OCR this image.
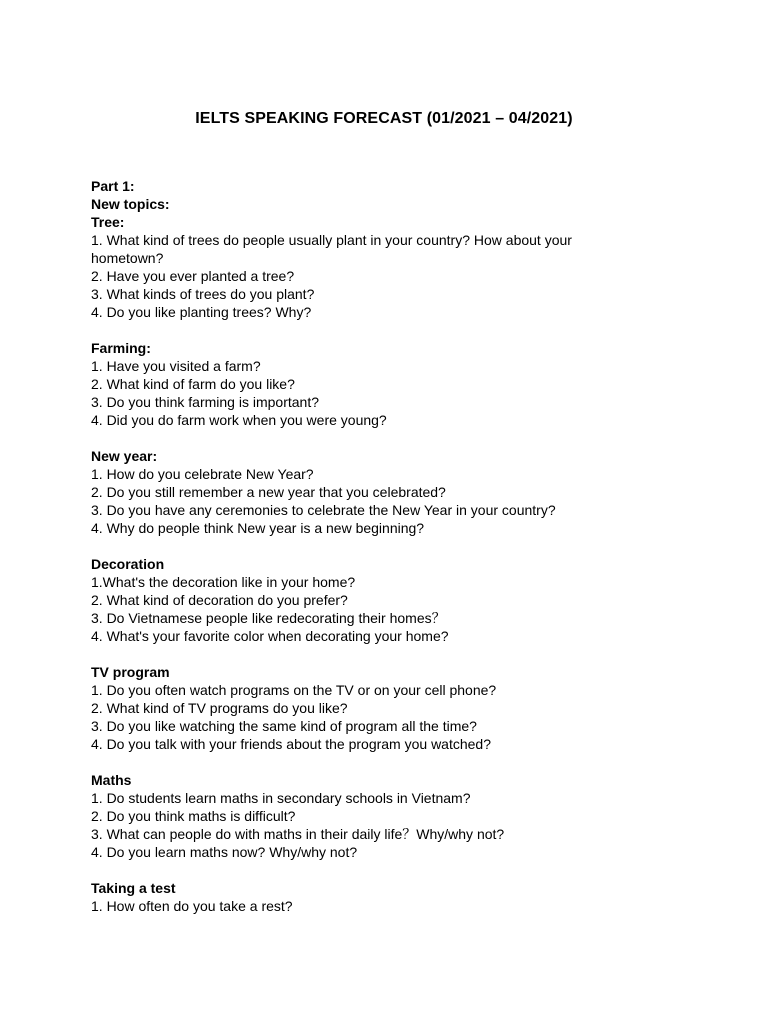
IELTS SPEAKING FORECAST (01/2021 – 04/2021)
Part 1:
New topics:
Tree:
1. What kind of trees do people usually plant in your country? How about your hometown?
2. Have you ever planted a tree?
3. What kinds of trees do you plant?
4. Do you like planting trees? Why?
Farming:
1. Have you visited a farm?
2. What kind of farm do you like?
3. Do you think farming is important?
4. Did you do farm work when you were young?
New year:
1. How do you celebrate New Year?
2. Do you still remember a new year that you celebrated?
3. Do you have any ceremonies to celebrate the New Year in your country?
4. Why do people think New year is a new beginning?
Decoration
1.What's the decoration like in your home?
2. What kind of decoration do you prefer?
3. Do Vietnamese people like redecorating their homes？
4. What's your favorite color when decorating your home?
TV program
1. Do you often watch programs on the TV or on your cell phone?
2. What kind of TV programs do you like?
3. Do you like watching the same kind of program all the time?
4. Do you talk with your friends about the program you watched?
Maths
1. Do students learn maths in secondary schools in Vietnam?
2. Do you think maths is difficult?
3. What can people do with maths in their daily life？Why/why not?
4. Do you learn maths now? Why/why not?
Taking a test
1. How often do you take a rest?
